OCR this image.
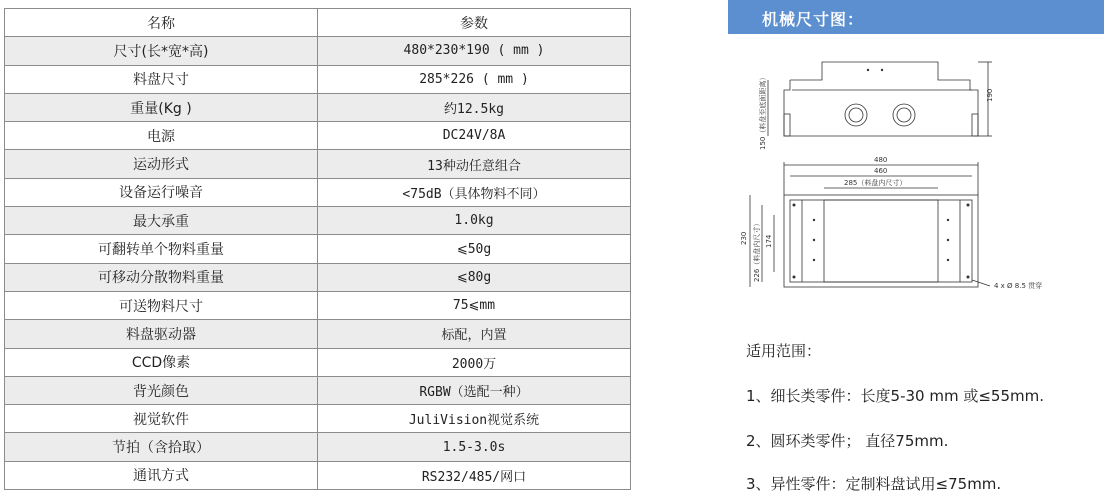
名称	参数
尺寸(长*宽*高)	480*230*190 ( mm )
料盘尺寸	285*226 ( mm )
重量(Kg )	约12.5kg
电源	DC24V/8A
运动形式	13种动任意组合
设备运行噪音	<75dB（具体物料不同）
最大承重	1.0kg
可翻转单个物料重量	⩽50g
可移动分散物料重量	⩽80g
可送物料尺寸	75⩽mm
料盘驱动器	标配，内置
CCD像素	2000万
背光颜色	RGBW（选配一种）
视觉软件	JuliVision视觉系统
节拍（含拾取）	1.5-3.0s
通讯方式	RS232/485/网口
机械尺寸图：
190
150（料盘至底面距离）
480
460
285（料盘内尺寸）
230 174
226（料盘内尺寸）
4 x Ø 8.5 贯穿
适用范围：
1、细长类零件：长度5-30 mm 或≤55mm.
2、圆环类零件； 直径75mm.
3、异性零件：定制料盘试用≤75mm.
